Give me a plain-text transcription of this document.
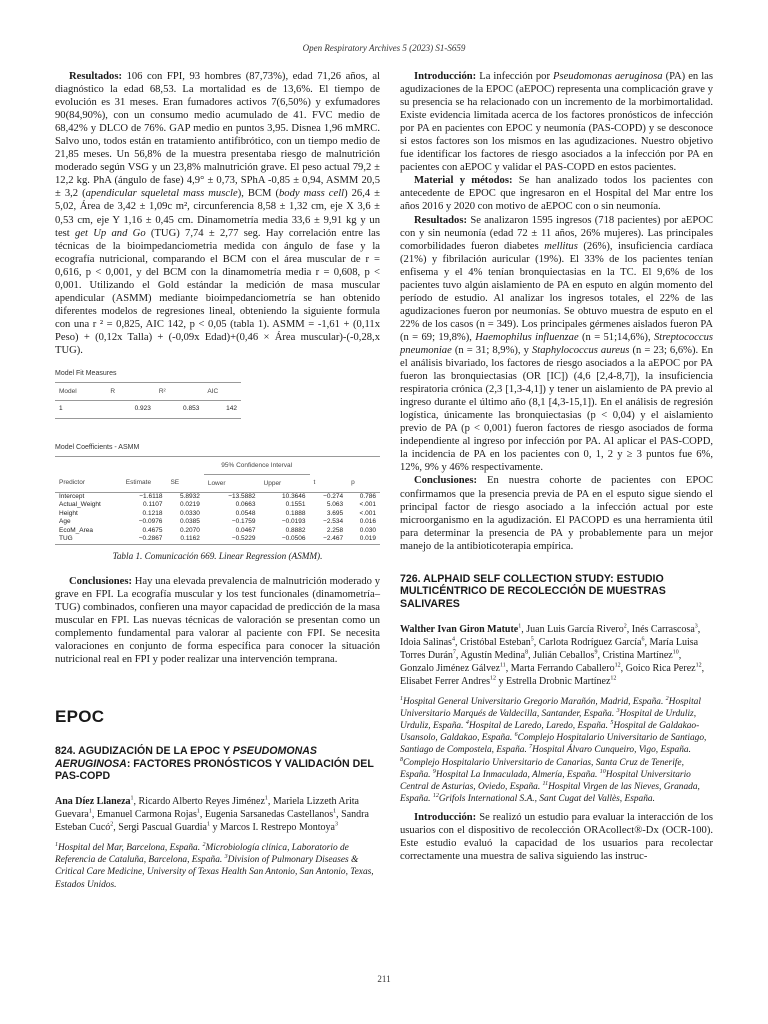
Open Respiratory Archives 5 (2023) S1-S659

Resultados: 106 con FPI, 93 hombres (87,73%), edad 71,26 años, al diagnóstico la edad 68,53. La mortalidad es de 13,6%. El tiempo de evolución es 31 meses. Eran fumadores activos 7(6,50%) y exfumadores 90(84,90%), con un consumo medio acumulado de 41. FVC medio de 68,42% y DLCO de 76%. GAP medio en puntos 3,95. Disnea 1,96 mMRC. Salvo uno, todos están en tratamiento antifibrótico, con un tiempo medio de 21,85 meses. Un 56,8% de la muestra presentaba riesgo de malnutrición moderado según VSG y un 23,8% malnutrición grave. El peso actual 79,2 ± 12,2 kg. PhA (ángulo de fase) 4,9° ± 0,73, SPhA -0,85 ± 0,94, ASMM 20,5 ± 3,2 (apendicular squeletal mass muscle), BCM (body mass cell) 26,4 ± 5,02, Área de 3,42 ± 1,09c m², circunferencia 8,58 ± 1,32 cm, eje X 3,6 ± 0,53 cm, eje Y 1,16 ± 0,45 cm. Dinamometría media 33,6 ± 9,91 kg y un test get Up and Go (TUG) 7,74 ± 2,77 seg. Hay correlación entre las técnicas de la bioimpedanciometria medida con ángulo de fase y la ecografía nutricional, comparando el BCM con el área muscular de r = 0,616, p < 0,001, y del BCM con la dinamometría media r = 0,608, p < 0,001. Utilizando el Gold estándar la medición de masa muscular apendicular (ASMM) mediante bioimpedanciometría se han obtenido diferentes modelos de regresiones lineal, obteniendo la siguiente formula con una r ² = 0,825, AIC 142, p < 0,05 (tabla 1). ASMM = -1,61 + (0,11x Peso) + (0,12x Talla) + (-0,09x Edad)+(0,46 × Área muscular)-(-0,28,x TUG).

Model Fit Measures
Model	R	R²	AIC
1	0.923	0.853	142
Model Coefficients - ASMM
			95% Confidence Interval			
Predictor	Estimate	SE	Lower	Upper	t	p
Intercept	−1.6118	5.8932	−13.5882	10.3646	−0.274	0.786
Actual_Weight	0.1107	0.0219	0.0663	0.1551	5.063	<.001
Height	0.1218	0.0330	0.0548	0.1888	3.695	<.001
Age	−0.0976	0.0385	−0.1759	−0.0193	−2.534	0.016
EcoM_Area	0.4675	0.2070	0.0467	0.8882	2.258	0.030
TUG	−0.2867	0.1162	−0.5229	−0.0506	−2.467	0.019
Tabla 1. Comunicación 669. Linear Regression (ASMM).

Conclusiones: Hay una elevada prevalencia de malnutrición moderado y grave en FPI. La ecografía muscular y los test funcionales (dinamometría–TUG) combinados, confieren una mayor capacidad de predicción de la masa muscular en FPI. Las nuevas técnicas de valoración se presentan como un complemento fundamental para valorar al paciente con FPI. Se necesita valoraciones en conjunto de forma específica para conocer la situación nutricional real en FPI y poder realizar una intervención temprana.

EPOC
824. AGUDIZACIÓN DE LA EPOC Y PSEUDOMONAS AERUGINOSA: FACTORES PRONÓSTICOS Y VALIDACIÓN DEL PAS-COPD
Ana Díez Llaneza$^1$, Ricardo Alberto Reyes Jiménez$^1$, Mariela Lizzeth Arita Guevara$^1$, Emanuel Carmona Rojas$^1$, Eugenia Sarsanedas Castellanos$^1$, Sandra Esteban Cucó$^2$, Sergi Pascual Guardia$^1$ y Marcos I. Restrepo Montoya$^3$
$^1$Hospital del Mar, Barcelona, España. $^2$Microbiología clínica, Laboratorio de Referencia de Cataluña, Barcelona, España. $^3$Division of Pulmonary Diseases & Critical Care Medicine, University of Texas Health San Antonio, San Antonio, Texas, Estados Unidos.

Introducción: La infección por Pseudomonas aeruginosa (PA) en las agudizaciones de la EPOC (aEPOC) representa una complicación grave y su presencia se ha relacionado con un incremento de la morbimortalidad. Existe evidencia limitada acerca de los factores pronósticos de infección por PA en pacientes con EPOC y neumonía (PAS-COPD) y se desconoce si estos factores son los mismos en las agudizaciones. Nuestro objetivo fue identificar los factores de riesgo asociados a la infección por PA en pacientes con aEPOC y validar el PAS-COPD en estos pacientes.

Material y métodos: Se han analizado todos los pacientes con antecedente de EPOC que ingresaron en el Hospital del Mar entre los años 2016 y 2020 con motivo de aEPOC con o sin neumonía.

Resultados: Se analizaron 1595 ingresos (718 pacientes) por aEPOC con y sin neumonía (edad 72 ± 11 años, 26% mujeres). Las principales comorbilidades fueron diabetes mellitus (26%), insuficiencia cardíaca (21%) y fibrilación auricular (19%). El 33% de los pacientes tenían enfisema y el 4% tenían bronquiectasias en la TC. El 9,6% de los pacientes tuvo algún aislamiento de PA en esputo en algún momento del período de estudio. Al analizar los ingresos totales, el 22% de las agudizaciones fueron por neumonías. Se obtuvo muestra de esputo en el 22% de los casos (n = 349). Los principales gérmenes aislados fueron PA (n = 69; 19,8%), Haemophilus influenzae (n = 51;14,6%), Streptococcus pneumoniae (n = 31; 8,9%), y Staphylococcus aureus (n = 23; 6,6%). En el análisis bivariado, los factores de riesgo asociados a la aEPOC por PA fueron las bronquiectasias (OR [IC]) (4,6 [2,4-8,7]), la insuficiencia respiratoria crónica (2,3 [1,3-4,1]) y tener un aislamiento de PA previo al ingreso durante el último año (8,1 [4,3-15,1]). En el análisis de regresión logística, únicamente las bronquiectasias (p < 0,04) y el aislamiento previo de PA (p < 0,001) fueron factores de riesgo asociados de forma independiente al ingreso por infección por PA. Al aplicar el PAS-COPD, la incidencia de PA en los pacientes con 0, 1, 2 y ≥ 3 puntos fue 6%, 12%, 9% y 46% respectivamente.

Conclusiones: En nuestra cohorte de pacientes con EPOC confirmamos que la presencia previa de PA en el esputo sigue siendo el principal factor de riesgo asociado a la infección actual por este microorganismo en la agudización. El PACOPD es una herramienta útil para determinar la presencia de PA y probablemente para un mejor manejo de la antibioticoterapia empírica.

726. ALPHAID SELF COLLECTION STUDY: ESTUDIO MULTICÉNTRICO DE RECOLECCIÓN DE MUESTRAS SALIVARES
Walther Ivan Giron Matute$^1$, Juan Luis García Rivero$^2$, Inés Carrascosa$^3$, Idoia Salinas$^4$, Cristóbal Esteban$^5$, Carlota Rodríguez García$^6$, María Luisa Torres Durán$^7$, Agustín Medina$^8$, Julián Ceballos$^9$, Cristina Martínez$^{10}$, Gonzalo Jiménez Gálvez$^{11}$, Marta Ferrando Caballero$^{12}$, Goico Rica Perez$^{12}$, Elisabet Ferrer Andres$^{12}$ y Estrella Drobnic Martínez$^{12}$
$^1$Hospital General Universitario Gregorio Marañón, Madrid, España. $^2$Hospital Universitario Marqués de Valdecilla, Santander, España. $^3$Hospital de Urduliz, Urduliz, España. $^4$Hospital de Laredo, Laredo, España. $^5$Hospital de Galdakao-Usansolo, Galdakao, España. $^6$Complejo Hospitalario Universitario de Santiago, Santiago de Compostela, España. $^7$Hospital Álvaro Cunqueiro, Vigo, España. $^8$Complejo Hospitalario Universitario de Canarias, Santa Cruz de Tenerife, España. $^9$Hospital La Inmaculada, Almería, España. $^{10}$Hospital Universitario Central de Asturias, Oviedo, España. $^{11}$Hospital Virgen de las Nieves, Granada, España. $^{12}$Grifols International S.A., Sant Cugat del Vallès, España.

Introducción: Se realizó un estudio para evaluar la interacción de los usuarios con el dispositivo de recolección ORAcollect®-Dx (OCR-100). Este estudio evaluó la capacidad de los usuarios para recolectar correctamente una muestra de saliva siguiendo las instruc-

211
